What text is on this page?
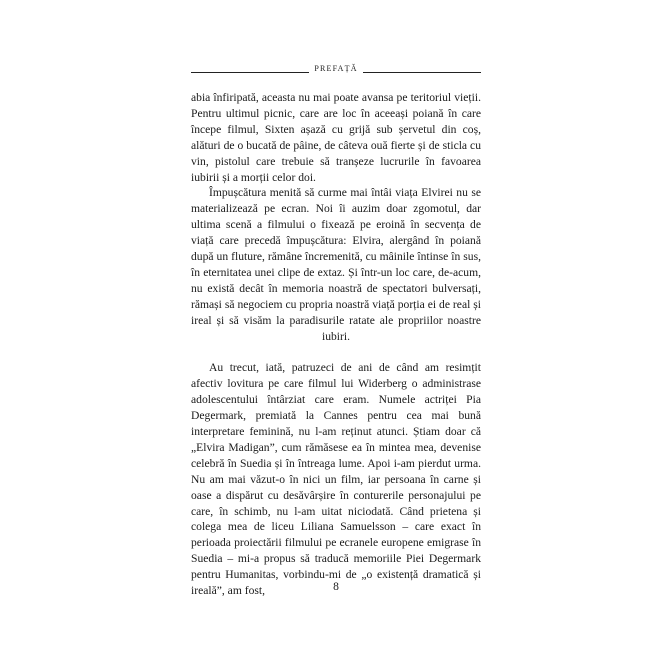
PREFAȚĂ

abia înfiripată, aceasta nu mai poate avansa pe teritoriul vieții. Pentru ultimul picnic, care are loc în aceeași poiană în care începe filmul, Sixten așază cu grijă sub șervetul din coș, alături de o bucată de pâine, de câteva ouă fierte și de sticla cu vin, pistolul care trebuie să tranșeze lucrurile în favoarea iubirii și a morții celor doi.

Împușcătura menită să curme mai întâi viața Elvirei nu se materializează pe ecran. Noi îi auzim doar zgomotul, dar ultima scenă a filmului o fixează pe eroină în secvența de viață care precedă împușcătura: Elvira, alergând în poiană după un fluture, rămâne încremenită, cu mâinile întinse în sus, în eternitatea unei clipe de extaz. Și într-un loc care, de-acum, nu există decât în memoria noastră de spectatori bulversați, rămași să negociem cu propria noastră viață porția ei de real și ireal și să visăm la paradisurile ratate ale propriilor noastre iubiri.

Au trecut, iată, patruzeci de ani de când am resimțit afectiv lovitura pe care filmul lui Widerberg o administrase adolescentului întârziat care eram. Numele actriței Pia Degermark, premiată la Cannes pentru cea mai bună interpretare feminină, nu l-am reținut atunci. Știam doar că „Elvira Madigan”, cum rămăsese ea în mintea mea, devenise celebră în Suedia și în întreaga lume. Apoi i-am pierdut urma. Nu am mai văzut-o în nici un film, iar persoana în carne și oase a dispărut cu desăvârșire în conturerile personajului pe care, în schimb, nu l-am uitat niciodată. Când prietena și colega mea de liceu Liliana Samuelsson – care exact în perioada proiectării filmului pe ecranele europene emigrase în Suedia – mi-a propus să traducă memoriile Piei Degermark pentru Humanitas, vorbindu-mi de „o existență dramatică și ireală”, am fost,	8
